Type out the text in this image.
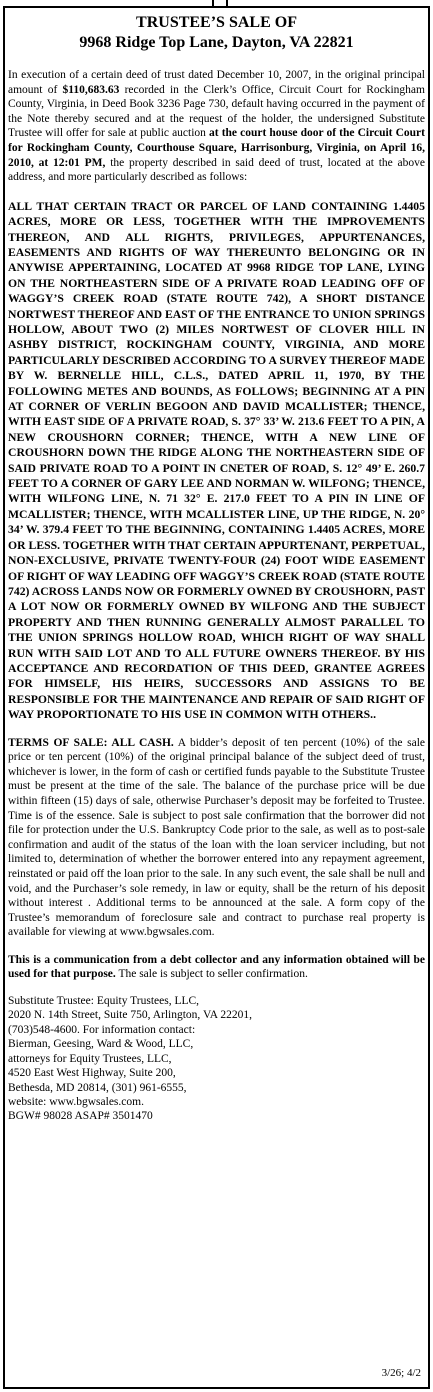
TRUSTEE’S SALE OF
9968 Ridge Top Lane, Dayton, VA 22821

In execution of a certain deed of trust dated December 10, 2007, in the original principal amount of $110,683.63 recorded in the Clerk’s Office, Circuit Court for Rockingham County, Virginia, in Deed Book 3236 Page 730, default having occurred in the payment of the Note thereby secured and at the request of the holder, the undersigned Substitute Trustee will offer for sale at public auction at the court house door of the Circuit Court for Rockingham County, Courthouse Square, Harrisonburg, Virginia, on April 16, 2010, at 12:01 PM, the property described in said deed of trust, located at the above address, and more particularly described as follows:

ALL THAT CERTAIN TRACT OR PARCEL OF LAND CONTAINING 1.4405 ACRES, MORE OR LESS, TOGETHER WITH THE IMPROVEMENTS THEREON, AND ALL RIGHTS, PRIVILEGES, APPURTENANCES, EASEMENTS AND RIGHTS OF WAY THEREUNTO BELONGING OR IN ANYWISE APPERTAINING, LOCATED AT 9968 RIDGE TOP LANE, LYING ON THE NORTHEASTERN SIDE OF A PRIVATE ROAD LEADING OFF OF WAGGY’S CREEK ROAD (STATE ROUTE 742), A SHORT DISTANCE NORTWEST THEREOF AND EAST OF THE ENTRANCE TO UNION SPRINGS HOLLOW, ABOUT TWO (2) MILES NORTWEST OF CLOVER HILL IN ASHBY DISTRICT, ROCKINGHAM COUNTY, VIRGINIA, AND MORE PARTICULARLY DESCRIBED ACCORDING TO A SURVEY THEREOF MADE BY W. BERNELLE HILL, C.L.S., DATED APRIL 11, 1970, BY THE FOLLOWING METES AND BOUNDS, AS FOLLOWS; BEGINNING AT A PIN AT CORNER OF VERLIN BEGOON AND DAVID MCALLISTER; THENCE, WITH EAST SIDE OF A PRIVATE ROAD, S. 37° 33’ W. 213.6 FEET TO A PIN, A NEW CROUSHORN CORNER; THENCE, WITH A NEW LINE OF CROUSHORN DOWN THE RIDGE ALONG THE NORTHEASTERN SIDE OF SAID PRIVATE ROAD TO A POINT IN CNETER OF ROAD, S. 12° 49’ E. 260.7 FEET TO A CORNER OF GARY LEE AND NORMAN W. WILFONG; THENCE, WITH WILFONG LINE, N. 71 32° E. 217.0 FEET TO A PIN IN LINE OF MCALLISTER; THENCE, WITH MCALLISTER LINE, UP THE RIDGE, N. 20° 34’ W. 379.4 FEET TO THE BEGINNING, CONTAINING 1.4405 ACRES, MORE OR LESS. TOGETHER WITH THAT CERTAIN APPURTENANT, PERPETUAL, NON-EXCLUSIVE, PRIVATE TWENTY-FOUR (24) FOOT WIDE EASEMENT OF RIGHT OF WAY LEADING OFF WAGGY’S CREEK ROAD (STATE ROUTE 742) ACROSS LANDS NOW OR FORMERLY OWNED BY CROUSHORN, PAST A LOT NOW OR FORMERLY OWNED BY WILFONG AND THE SUBJECT PROPERTY AND THEN RUNNING GENERALLY ALMOST PARALLEL TO THE UNION SPRINGS HOLLOW ROAD, WHICH RIGHT OF WAY SHALL RUN WITH SAID LOT AND TO ALL FUTURE OWNERS THEREOF. BY HIS ACCEPTANCE AND RECORDATION OF THIS DEED, GRANTEE AGREES FOR HIMSELF, HIS HEIRS, SUCCESSORS AND ASSIGNS TO BE RESPONSIBLE FOR THE MAINTENANCE AND REPAIR OF SAID RIGHT OF WAY PROPORTIONATE TO HIS USE IN COMMON WITH OTHERS..

TERMS OF SALE: ALL CASH. A bidder’s deposit of ten percent (10%) of the sale price or ten percent (10%) of the original principal balance of the subject deed of trust, whichever is lower, in the form of cash or certified funds payable to the Substitute Trustee must be present at the time of the sale. The balance of the purchase price will be due within fifteen (15) days of sale, otherwise Purchaser’s deposit may be forfeited to Trustee. Time is of the essence. Sale is subject to post sale confirmation that the borrower did not file for protection under the U.S. Bankruptcy Code prior to the sale, as well as to post-sale confirmation and audit of the status of the loan with the loan servicer including, but not limited to, determination of whether the borrower entered into any repayment agreement, reinstated or paid off the loan prior to the sale. In any such event, the sale shall be null and void, and the Purchaser’s sole remedy, in law or equity, shall be the return of his deposit without interest . Additional terms to be announced at the sale. A form copy of the Trustee’s memorandum of foreclosure sale and contract to purchase real property is available for viewing at www.bgwsales.com.

This is a communication from a debt collector and any information obtained will be used for that purpose. The sale is subject to seller confirmation.

Substitute Trustee: Equity Trustees, LLC,
2020 N. 14th Street, Suite 750, Arlington, VA 22201,
(703)548-4600. For information contact:
Bierman, Geesing, Ward & Wood, LLC,
attorneys for Equity Trustees, LLC,
4520 East West Highway, Suite 200,
Bethesda, MD 20814, (301) 961-6555,
website: www.bgwsales.com.
BGW# 98028 ASAP# 3501470
3/26; 4/2
